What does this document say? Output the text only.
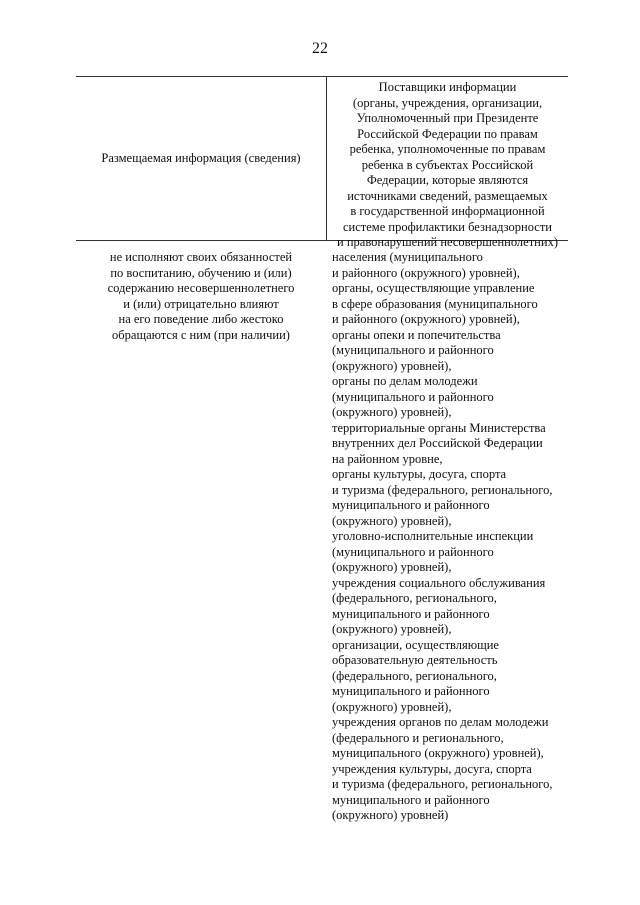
22
Размещаемая информация (сведения)
Поставщики информации
(органы, учреждения, организации,
Уполномоченный при Президенте
Российской Федерации по правам
ребенка, уполномоченные по правам
ребенка в субъектах Российской
Федерации, которые являются
источниками сведений, размещаемых
в государственной информационной
системе профилактики безнадзорности
и правонарушений несовершеннолетних)
не исполняют своих обязанностей
по воспитанию, обучению и (или)
содержанию несовершеннолетнего
и (или) отрицательно влияют
на его поведение либо жестоко
обращаются с ним (при наличии)
населения (муниципального
и районного (окружного) уровней),
органы, осуществляющие управление
в сфере образования (муниципального
и районного (окружного) уровней),
органы опеки и попечительства
(муниципального и районного
(окружного) уровней),
органы по делам молодежи
(муниципального и районного
(окружного) уровней),
территориальные органы Министерства
внутренних дел Российской Федерации
на районном уровне,
органы культуры, досуга, спорта
и туризма (федерального, регионального,
муниципального и районного
(окружного) уровней),
уголовно-исполнительные инспекции
(муниципального и районного
(окружного) уровней),
учреждения социального обслуживания
(федерального, регионального,
муниципального и районного
(окружного) уровней),
организации, осуществляющие
образовательную деятельность
(федерального, регионального,
муниципального и районного
(окружного) уровней),
учреждения органов по делам молодежи
(федерального и регионального,
муниципального (окружного) уровней),
учреждения культуры, досуга, спорта
и туризма (федерального, регионального,
муниципального и районного
(окружного) уровней)
